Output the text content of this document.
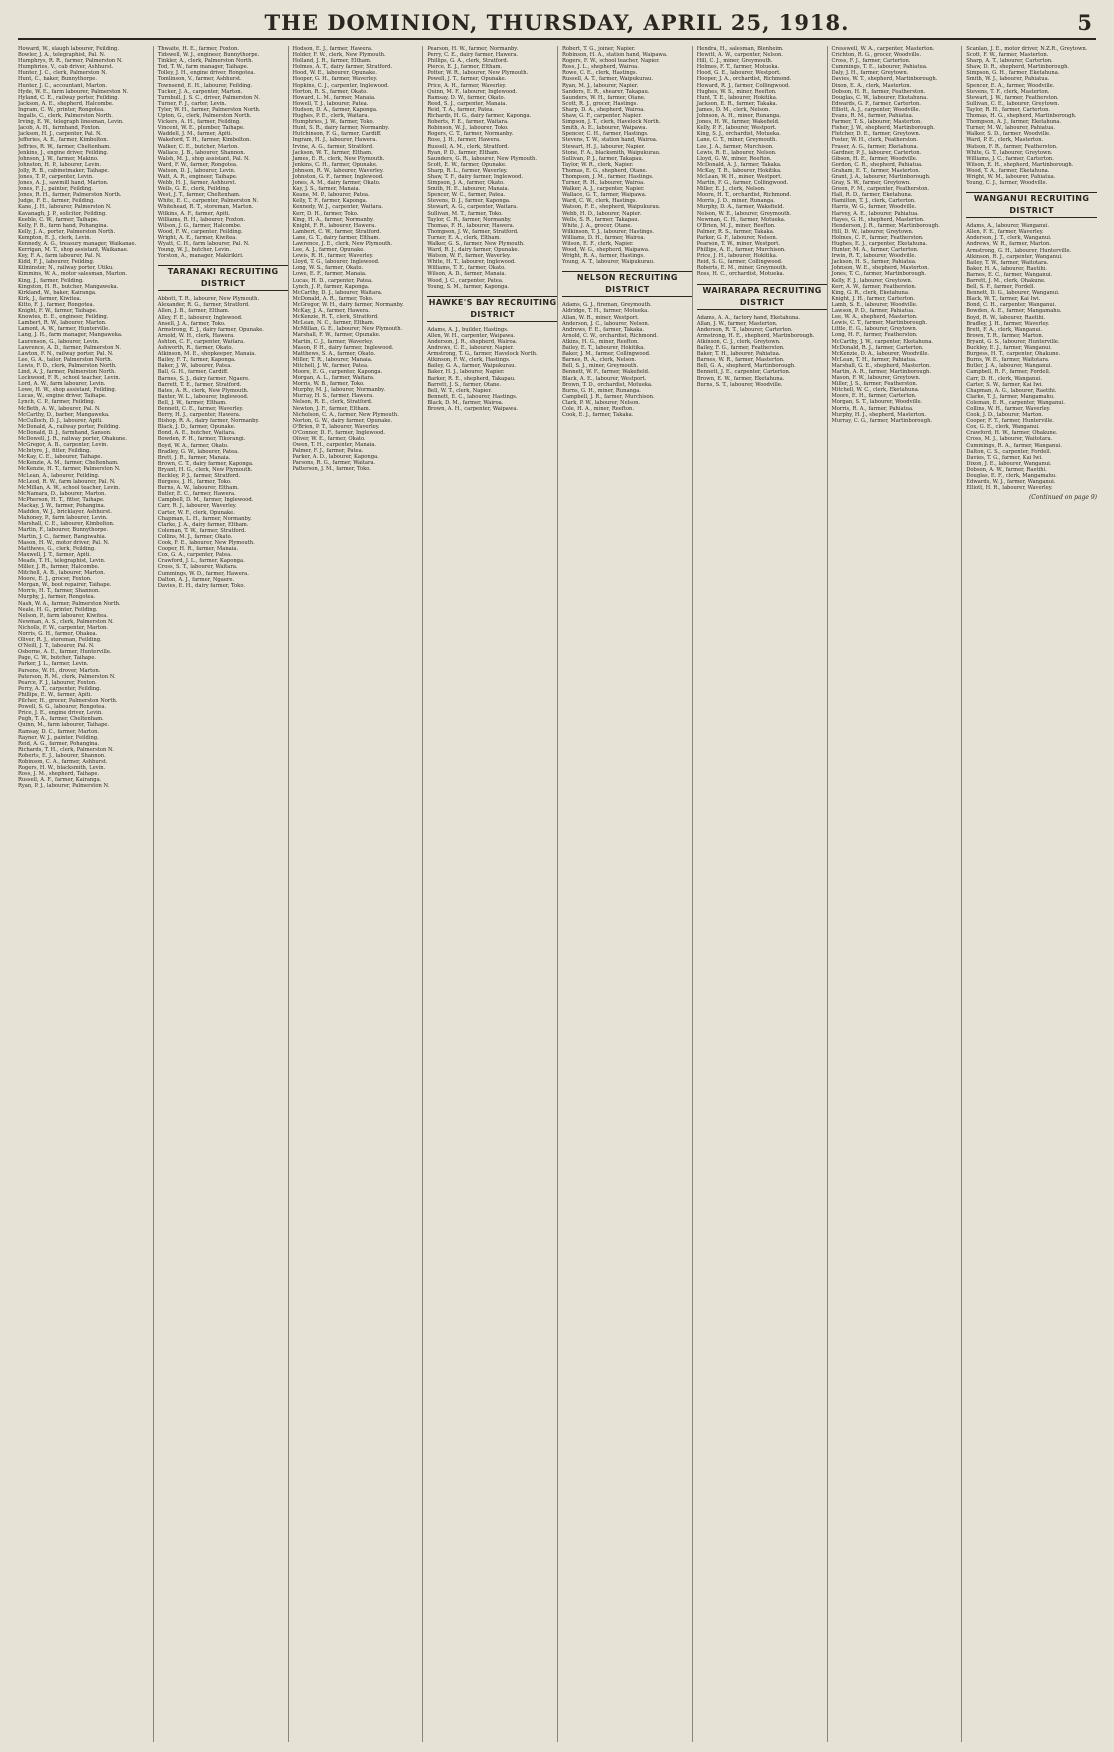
THE DOMINION, THURSDAY, APRIL 25, 1918.	5
Howard, W., slaugh labourer, Feilding.
Bowler, J. A., telegraphist, Pal. N.
Humphrys, R. R., farmer, Palmerston N.
Humphries, V., cab driver, Ashhurst.
Hunter, J. C., clerk, Palmerston N.
Hunt, C., baker, Bunnythorpe.
Hunter, J. C., accountant, Marton.
Hyde, W. E., farm labourer, Palmerston N.
Hyland, C. E., railway porter, Feilding.
Jackson, A. E., shepherd, Halcombe.
Ingram, C. W., printer, Rongotea.
Ingalls, C., clerk, Palmerston North.
Irving, E. W., telegraph linesman, Levin.
Jacob, A. H., farmhand, Foxton.
Jackson, H. J., carpenter, Pal. N.
Jefferies, A. E., farmer, Kimbolton.
Jeffries, R. W., farmer, Cheltenham.
Jenkins, J., engine driver, Feilding.
Johnson, J. W., farmer, Makino.
Johnston, H. P., labourer, Levin.
Jolly, R. B., cabinetmaker, Taihape.
Jones, T. P., carpenter, Levin.
Jones, A. J., sawmill hand, Marton.
Jones, F. J., painter, Feilding.
Jones, R. H., farmer, Palmerston North.
Judge, F. E., farmer, Feilding.
Kane, J. H., labourer, Palmerston N.
Kavanagh, J. P., solicitor, Feilding.
Keeble, C. W., farmer, Taihape.
Kelly, F. B., farm hand, Pohangina.
Kelly, J. A., porter, Palmerston North.
Kempton, E. J., clerk, Levin.
Kennedy, A. G., treasury manager, Waikanae.
Kerrigan, M. T., shop assistant, Waikanae.
Key, F. A., farm labourer, Pal. N.
Kidd, F. J., labourer, Feilding.
Kilminster, N., railway porter, Utiku.
Kimmins, W. A., motor salesman, Marton.
King, J., farmer, Feilding.
Kingston, H. R., butcher, Mangaweka.
Kirkland, W., baker, Kairanga.
Kirk, J., farmer, Kiwitea.
Kitto, F. J., farmer, Rongotea.
Knight, F. W., farmer, Taihape.
Knowles, E. E., engineer, Feilding.
Lambert, R. W., labourer, Marton.
Lamont, A. W., farmer, Hunterville.
Lang, J. H., farm manager, Mangaweka.
Laurenson, G., labourer, Levin.
Lawrence, A. D., farmer, Palmerston N.
Lawton, F. N., railway porter, Pal. N.
Lee, G. A., tailor, Palmerston North.
Lewis, F. D., clerk, Palmerston North.
Lind, A. J., farmer, Palmerston North.
Lockwood, F. R., school teacher, Levin.
Lord, A. W., farm labourer, Levin.
Lowe, H. W., shop assistant, Feilding.
Lucas, W., engine driver, Taihape.
Lynch, C. P., farmer, Feilding.
McBeth, A. W., labourer, Pal. N.
McCarthy, D., barber, Mangaweka.
McCulloch, D. J., labourer, Apiti.
McDonald, A., railway porter, Feilding.
McDonald, D. J., farmhand, Sanson.
McDowell, J. R., railway porter, Ohakune.
McGregor, A. B., carpenter, Levin.
McIntyre, J., fitter, Feilding.
McKay, C. E., labourer, Taihape.
McKenzie, A. M., farmer, Cheltenham.
McKenzie, H. T., farmer, Palmerston N.
McLean, A., labourer, Feilding.
McLeod, R. W., farm labourer, Pal. N.
McMillan, A. W., school teacher, Levin.
McNamara, D., labourer, Marton.
McPherson, H. T., fitter, Taihape.
Mackay, J. W., farmer, Pohangina.
Madden, W. J., bricklayer, Ashhurst.
Mahoney, P., farm labourer, Levin.
Marshall, C. E., labourer, Kimbolton.
Martin, F., labourer, Bunnythorpe.
Martin, J. C., farmer, Rangiwahia.
Mason, H. W., motor driver, Pal. N.
Matthews, G., clerk, Feilding.
Maxwell, J. T., farmer, Apiti.
Meads, T. H., telegraphist, Levin.
Miller, J. R., farmer, Halcombe.
Mitchell, A. B., labourer, Marton.
Moore, E. J., grocer, Foxton.
Morgan, W., boot repairer, Taihape.
Morris, H. T., farmer, Shannon.
Murphy, J., farmer, Rongotea.
Nash, W. A., farmer, Palmerston North.
Neale, H. G., printer, Feilding.
Nelson, P., farm labourer, Kiwitea.
Newman, A. S., clerk, Palmerston N.
Nicholls, F. W., carpenter, Marton.
Norris, G. H., farmer, Ohakea.
Oliver, R. J., storeman, Feilding.
O'Neill, J. T., labourer, Pal. N.
Osborne, A. E., farmer, Hunterville.
Page, C. W., butcher, Taihape.
Parker, J. L., farmer, Levin.
Parsons, W. H., drover, Marton.
Paterson, R. M., clerk, Palmerston N.
Pearce, F. J., labourer, Foxton.
Perry, A. T., carpenter, Feilding.
Phillips, E. W., farmer, Apiti.
Pilcher, H., grocer, Palmerston North.
Powell, S. G., labourer, Rongotea.
Price, J. E., engine driver, Levin.
Pugh, T. A., farmer, Cheltenham.
Quinn, M., farm labourer, Taihape.
Ramsay, D. C., farmer, Marton.
Rayner, W. J., painter, Feilding.
Reid, A. G., farmer, Pohangina.
Richards, T. H., clerk, Palmerston N.
Roberts, E. J., labourer, Shannon.
Robinson, C. A., farmer, Ashhurst.
Rogers, H. W., blacksmith, Levin.
Ross, J. M., shepherd, Taihape.
Russell, A. F., farmer, Kairanga.
Ryan, P. J., labourer, Palmerston N.
Thwaite, H. E., farmer, Foxton.
Tidswell, W. J., engineer, Bunnythorpe.
Tinkler, A., clerk, Palmerston North.
Tod, T. W., farm manager, Taihape.
Tolley, J. H., engine driver, Rongotea.
Tomlinson, V., farmer, Ashhurst.
Townsend, E. H., labourer, Feilding.
Tucker, J. A., carpenter, Marton.
Turnbull, J. S. C., driver, Palmerston N.
Turner, F. J., carter, Levin.
Tyler, W. H., farmer, Palmerston North.
Upton, G., clerk, Palmerston North.
Vickers, A. H., farmer, Feilding.
Vincent, W. E., plumber, Taihape.
Waddell, J. M., farmer, Apiti.
Wakeford, T. H., farmer, Kimbolton.
Walker, C. E., butcher, Marton.
Wallace, J. B., labourer, Shannon.
Walsh, M. J., shop assistant, Pal. N.
Ward, F. W., farmer, Rongotea.
Watson, D. J., labourer, Levin.
Watt, A. R., engineer, Taihape.
Webb, H. J., farmer, Ashhurst.
Wells, G. E., clerk, Feilding.
West, J. T., farmer, Cheltenham.
White, E. C., carpenter, Palmerston N.
Whitehead, R. T., storeman, Marton.
Wilkins, A. F., farmer, Apiti.
Williams, R. H., labourer, Foxton.
Wilson, J. G., farmer, Halcombe.
Wood, F. W., carpenter, Feilding.
Wright, A. E., farmer, Kiwitea.
Wyatt, C. H., farm labourer, Pal. N.
Young, W. J., butcher, Levin.
Yorston, A., manager, Makirikiri.
TARANAKI RECRUITING DISTRICT
Abbott, T. R., labourer, New Plymouth.
Alexander, R. G., farmer, Stratford.
Allen, J. B., farmer, Eltham.
Alley, F. E., labourer, Inglewood.
Ansell, J. A., farmer, Toko.
Armstrong, E. J., dairy farmer, Opunake.
Arnold, W. H., clerk, Hawera.
Ashton, C. F., carpenter, Waitara.
Ashworth, R., farmer, Okato.
Atkinson, M. E., shopkeeper, Manaia.
Bailey, F. T., farmer, Kaponga.
Baker, J. W., labourer, Patea.
Ball, G. H., farmer, Cardiff.
Barnes, S. J., dairy farmer, Ngaere.
Barrett, T. E., farmer, Stratford.
Bates, A. R., clerk, New Plymouth.
Baxter, W. L., labourer, Inglewood.
Bell, J. W., farmer, Eltham.
Bennett, C. E., farmer, Waverley.
Berry, H. J., carpenter, Hawera.
Bishop, R. A., dairy farmer, Normanby.
Black, J. D., farmer, Opunake.
Bond, A. E., butcher, Waitara.
Bowden, F. H., farmer, Tikorangi.
Boyd, W. A., farmer, Okato.
Bradley, G. W., labourer, Patea.
Brett, J. R., farmer, Manaia.
Brown, C. T., dairy farmer, Kaponga.
Bryant, H. G., clerk, New Plymouth.
Buckley, P. J., farmer, Stratford.
Burgess, J. H., farmer, Toko.
Burns, A. W., labourer, Eltham.
Butler, E. C., farmer, Hawera.
Campbell, D. M., farmer, Inglewood.
Carr, R. J., labourer, Waverley.
Carter, W. F., clerk, Opunake.
Chapman, L. H., farmer, Normanby.
Clarke, J. A., dairy farmer, Eltham.
Coleman, T. W., farmer, Stratford.
Collins, M. J., farmer, Okato.
Cook, F. E., labourer, New Plymouth.
Cooper, H. R., farmer, Manaia.
Cox, G. A., carpenter, Patea.
Crawford, J. L., farmer, Kaponga.
Cross, S. T., labourer, Waitara.
Cummings, W. D., farmer, Hawera.
Dalton, A. J., farmer, Ngaere.
Davies, E. H., dairy farmer, Toko.
Hodson, E. J., farmer, Hawera.
Holder, F. W., clerk, New Plymouth.
Holland, J. R., farmer, Eltham.
Holmes, A. T., dairy farmer, Stratford.
Hood, W. E., labourer, Opunake.
Hooper, G. H., farmer, Waverley.
Hopkins, C. J., carpenter, Inglewood.
Horton, R. S., farmer, Okato.
Howard, L. M., farmer, Manaia.
Howell, T. J., labourer, Patea.
Hudson, D. A., farmer, Kaponga.
Hughes, P. E., clerk, Waitara.
Humphries, J. W., farmer, Toko.
Hunt, S. R., dairy farmer, Normanby.
Hutchinson, F. G., farmer, Cardiff.
Ingram, H. J., labourer, Hawera.
Irvine, A. G., farmer, Stratford.
Jackson, W. T., farmer, Eltham.
James, E. R., clerk, New Plymouth.
Jenkins, C. H., farmer, Opunake.
Johnson, R. W., labourer, Waverley.
Johnston, G. F., farmer, Inglewood.
Jones, A. M., dairy farmer, Okato.
Kay, J. S., farmer, Manaia.
Keane, M. P., labourer, Patea.
Kelly, T. F., farmer, Kaponga.
Kennedy, W. J., carpenter, Waitara.
Kerr, D. H., farmer, Toko.
King, H. A., farmer, Normanby.
Knight, F. R., labourer, Hawera.
Lambert, C. W., farmer, Stratford.
Lane, G. T., dairy farmer, Eltham.
Lawrence, J. E., clerk, New Plymouth.
Lee, A. J., farmer, Opunake.
Lewis, R. H., farmer, Waverley.
Lloyd, T. G., labourer, Inglewood.
Long, W. S., farmer, Okato.
Lowe, E. F., farmer, Manaia.
Lucas, H. D., carpenter, Patea.
Lynch, J. P., farmer, Kaponga.
McCarthy, D. J., labourer, Waitara.
McDonald, A. R., farmer, Toko.
McGregor, W. H., dairy farmer, Normanby.
McKay, J. A., farmer, Hawera.
McKenzie, R. T., clerk, Stratford.
McLean, N. C., farmer, Eltham.
McMillan, G. E., labourer, New Plymouth.
Marshall, F. W., farmer, Opunake.
Martin, C. J., farmer, Waverley.
Mason, P. H., dairy farmer, Inglewood.
Matthews, S. A., farmer, Okato.
Miller, T. R., labourer, Manaia.
Mitchell, J. W., farmer, Patea.
Moore, E. G., carpenter, Kaponga.
Morgan, A. L., farmer, Waitara.
Morris, W. B., farmer, Toko.
Murphy, M. J., labourer, Normanby.
Murray, H. S., farmer, Hawera.
Nelson, R. E., clerk, Stratford.
Newton, J. F., farmer, Eltham.
Nicholson, C. A., farmer, New Plymouth.
Norton, G. W., dairy farmer, Opunake.
O'Brien, P. T., labourer, Waverley.
O'Connor, D. F., farmer, Inglewood.
Oliver, W. E., farmer, Okato.
Owen, T. H., carpenter, Manaia.
Palmer, F. J., farmer, Patea.
Parker, A. D., labourer, Kaponga.
Parsons, R. G., farmer, Waitara.
Patterson, J. M., farmer, Toko.
Pearson, H. W., farmer, Normanby.
Perry, C. E., dairy farmer, Hawera.
Phillips, G. A., clerk, Stratford.
Pierce, E. J., farmer, Eltham.
Potter, W. R., labourer, New Plymouth.
Powell, J. T., farmer, Opunake.
Price, A. H., farmer, Waverley.
Quinn, M. F., labourer, Inglewood.
Ramsay, D. W., farmer, Okato.
Reed, S. J., carpenter, Manaia.
Reid, T. A., farmer, Patea.
Richards, H. G., dairy farmer, Kaponga.
Roberts, F. E., farmer, Waitara.
Robinson, W. J., labourer, Toko.
Rogers, C. T., farmer, Normanby.
Rose, J. H., farmer, Hawera.
Russell, A. M., clerk, Stratford.
Ryan, P. D., farmer, Eltham.
Saunders, G. R., labourer, New Plymouth.
Scott, E. W., farmer, Opunake.
Sharp, R. L., farmer, Waverley.
Shaw, T. F., dairy farmer, Inglewood.
Simpson, J. A., farmer, Okato.
Smith, H. E., labourer, Manaia.
Spencer, W. C., farmer, Patea.
Stevens, D. J., farmer, Kaponga.
Stewart, A. G., carpenter, Waitara.
Sullivan, M. T., farmer, Toko.
Taylor, C. R., farmer, Normanby.
Thomas, F. H., labourer, Hawera.
Thompson, J. W., farmer, Stratford.
Turner, E. A., clerk, Eltham.
Walker, G. S., farmer, New Plymouth.
Ward, R. J., dairy farmer, Opunake.
Watson, W. F., farmer, Waverley.
White, H. T., labourer, Inglewood.
Williams, T. E., farmer, Okato.
Wilson, A. D., farmer, Manaia.
Wood, J. C., carpenter, Patea.
Young, S. M., farmer, Kaponga.
HAWKE'S BAY RECRUITING DISTRICT
Adams, A. J., builder, Hastings.
Allen, W. H., carpenter, Waipawa.
Anderson, J. R., shepherd, Wairoa.
Andrews, C. E., labourer, Napier.
Armstrong, T. G., farmer, Havelock North.
Atkinson, F. W., clerk, Hastings.
Bailey, G. A., farmer, Waipukurau.
Baker, H. J., labourer, Napier.
Barker, R. E., shepherd, Takapau.
Barrett, J. S., farmer, Otane.
Bell, W. T., clerk, Napier.
Bennett, E. C., labourer, Hastings.
Black, D. M., farmer, Wairoa.
Brown, A. H., carpenter, Waipawa.
Robert, T. G., joiner, Napier.
Robinson, H. A., station hand, Waipawa.
Rogers, F. W., school teacher, Napier.
Ross, J. L., shepherd, Wairoa.
Rowe, C. E., clerk, Hastings.
Russell, A. T., farmer, Waipukurau.
Ryan, M. J., labourer, Napier.
Sanders, E. R., shearer, Takapau.
Saunders, W. H., farmer, Otane.
Scott, R. J., grocer, Hastings.
Sharp, D. A., shepherd, Wairoa.
Shaw, G. F., carpenter, Napier.
Simpson, J. T., clerk, Havelock North.
Smith, A. E., labourer, Waipawa.
Spencer, C. H., farmer, Hastings.
Stevens, T. W., station hand, Wairoa.
Stewart, H. J., labourer, Napier.
Stone, F. A., blacksmith, Waipukurau.
Sullivan, P. J., farmer, Takapau.
Taylor, W. R., clerk, Napier.
Thomas, E. G., shepherd, Otane.
Thompson, J. M., farmer, Hastings.
Turner, R. H., labourer, Wairoa.
Walker, A. J., carpenter, Napier.
Wallace, G. T., farmer, Waipawa.
Ward, C. W., clerk, Hastings.
Watson, F. E., shepherd, Waipukurau.
Webb, H. D., labourer, Napier.
Wells, S. R., farmer, Takapau.
White, J. A., grocer, Otane.
Wilkinson, T. J., labourer, Hastings.
Williams, D. H., farmer, Wairoa.
Wilson, E. F., clerk, Napier.
Wood, W. G., shepherd, Waipawa.
Wright, R. A., farmer, Hastings.
Young, A. T., labourer, Waipukurau.
NELSON RECRUITING DISTRICT
Adams, G. J., fireman, Greymouth.
Aldridge, T. H., farmer, Motueka.
Allan, W. R., miner, Westport.
Anderson, J. C., labourer, Nelson.
Andrews, F. E., farmer, Takaka.
Arnold, C. W., orchardist, Richmond.
Atkins, H. G., miner, Reefton.
Bailey, E. T., labourer, Hokitika.
Baker, J. M., farmer, Collingwood.
Barnes, R. A., clerk, Nelson.
Bell, S. J., miner, Greymouth.
Bennett, W. F., farmer, Wakefield.
Black, A. E., labourer, Westport.
Brown, T. D., orchardist, Motueka.
Burns, G. H., miner, Runanga.
Campbell, J. R., farmer, Murchison.
Clark, P. W., labourer, Nelson.
Cole, H. A., miner, Reefton.
Cook, E. J., farmer, Takaka.
Hendra, H., salesman, Blenheim.
Hewitt, A. W., carpenter, Nelson.
Hill, C. J., miner, Greymouth.
Holmes, F. T., farmer, Motueka.
Hood, G. E., labourer, Westport.
Hooper, J. A., orchardist, Richmond.
Howard, R. J., farmer, Collingwood.
Hughes, W. S., miner, Reefton.
Hunt, T. E., labourer, Hokitika.
Jackson, E. R., farmer, Takaka.
James, D. M., clerk, Nelson.
Johnson, A. H., miner, Runanga.
Jones, H. W., farmer, Wakefield.
Kelly, P. F., labourer, Westport.
King, S. J., orchardist, Motueka.
Lane, C. T., miner, Greymouth.
Lee, J. A., farmer, Murchison.
Lewis, R. E., labourer, Nelson.
Lloyd, G. W., miner, Reefton.
McDonald, A. J., farmer, Takaka.
McKay, T. R., labourer, Hokitika.
McLean, W. H., miner, Westport.
Martin, F. G., farmer, Collingwood.
Miller, E. J., clerk, Nelson.
Moore, H. T., orchardist, Richmond.
Morris, J. D., miner, Runanga.
Murphy, D. A., farmer, Wakefield.
Nelson, W. E., labourer, Greymouth.
Newman, C. H., farmer, Motueka.
O'Brien, M. J., miner, Reefton.
Palmer, R. S., farmer, Takaka.
Parker, G. F., labourer, Nelson.
Pearson, T. W., miner, Westport.
Phillips, A. E., farmer, Murchison.
Price, J. H., labourer, Hokitika.
Reid, S. G., farmer, Collingwood.
Roberts, E. M., miner, Greymouth.
Ross, H. C., orchardist, Motueka.
WAIRARAPA RECRUITING DISTRICT
Adams, A. A., factory hand, Eketahuna.
Allan, J. W., farmer, Masterton.
Anderson, R. T., labourer, Carterton.
Armstrong, H. E., shepherd, Martinborough.
Atkinson, C. J., clerk, Greytown.
Bailey, F. G., farmer, Featherston.
Baker, T. H., labourer, Pahiatua.
Barnes, W. R., farmer, Masterton.
Bell, G. A., shepherd, Martinborough.
Bennett, J. E., carpenter, Carterton.
Brown, E. W., farmer, Eketahuna.
Burns, S. T., labourer, Woodville.
Cresswell, W. A., carpenter, Masterton.
Crichton, R. G., grocer, Woodville.
Cross, F. J., farmer, Carterton.
Cummings, T. E., labourer, Pahiatua.
Daly, J. H., farmer, Greytown.
Davies, W. T., shepherd, Martinborough.
Dixon, E. A., clerk, Masterton.
Dobson, H. R., farmer, Featherston.
Douglas, C. W., labourer, Eketahuna.
Edwards, G. F., farmer, Carterton.
Elliott, A. J., carpenter, Woodville.
Evans, R. M., farmer, Pahiatua.
Farmer, T. S., labourer, Masterton.
Fisher, J. W., shepherd, Martinborough.
Fletcher, D. E., farmer, Greytown.
Foster, W. H., clerk, Featherston.
Fraser, A. G., farmer, Eketahuna.
Gardner, P. J., labourer, Carterton.
Gibson, H. E., farmer, Woodville.
Gordon, C. R., shepherd, Pahiatua.
Graham, E. T., farmer, Masterton.
Grant, J. A., labourer, Martinborough.
Gray, S. W., farmer, Greytown.
Green, F. M., carpenter, Featherston.
Hall, R. D., farmer, Eketahuna.
Hamilton, T. J., clerk, Carterton.
Harris, W. G., farmer, Woodville.
Harvey, A. E., labourer, Pahiatua.
Hayes, G. H., shepherd, Masterton.
Henderson, J. R., farmer, Martinborough.
Hill, D. W., labourer, Greytown.
Holmes, C. F., farmer, Featherston.
Hughes, E. J., carpenter, Eketahuna.
Hunter, M. A., farmer, Carterton.
Irwin, R. T., labourer, Woodville.
Jackson, H. S., farmer, Pahiatua.
Johnson, W. E., shepherd, Masterton.
Jones, T. C., farmer, Martinborough.
Kelly, F. J., labourer, Greytown.
Kerr, A. W., farmer, Featherston.
King, G. R., clerk, Eketahuna.
Knight, J. H., farmer, Carterton.
Lamb, S. E., labourer, Woodville.
Lawson, P. D., farmer, Pahiatua.
Lee, W. A., shepherd, Masterton.
Lewis, C. T., farmer, Martinborough.
Little, E. G., labourer, Greytown.
Long, H. F., farmer, Featherston.
McCarthy, J. W., carpenter, Eketahuna.
McDonald, R. J., farmer, Carterton.
McKenzie, D. A., labourer, Woodville.
McLean, T. H., farmer, Pahiatua.
Marshall, G. E., shepherd, Masterton.
Martin, A. R., farmer, Martinborough.
Mason, F. W., labourer, Greytown.
Miller, J. S., farmer, Featherston.
Mitchell, W. C., clerk, Eketahuna.
Moore, E. H., farmer, Carterton.
Morgan, S. T., labourer, Woodville.
Morris, R. A., farmer, Pahiatua.
Murphy, H. J., shepherd, Masterton.
Murray, C. G., farmer, Martinborough.
Scanlan, J. E., motor driver, N.Z.R., Greytown.
Scott, F. W., farmer, Masterton.
Sharp, A. T., labourer, Carterton.
Shaw, D. R., shepherd, Martinborough.
Simpson, G. H., farmer, Eketahuna.
Smith, W. J., labourer, Pahiatua.
Spencer, E. A., farmer, Woodville.
Stevens, T. F., clerk, Masterton.
Stewart, J. W., farmer, Featherston.
Sullivan, C. E., labourer, Greytown.
Taylor, R. H., farmer, Carterton.
Thomas, H. G., shepherd, Martinborough.
Thompson, A. J., farmer, Eketahuna.
Turner, M. W., labourer, Pahiatua.
Walker, S. D., farmer, Woodville.
Ward, P. E., clerk, Masterton.
Watson, F. R., farmer, Featherston.
White, G. T., labourer, Greytown.
Williams, J. C., farmer, Carterton.
Wilson, E. H., shepherd, Martinborough.
Wood, T. A., farmer, Eketahuna.
Wright, W. M., labourer, Pahiatua.
Young, C. J., farmer, Woodville.
WANGANUI RECRUITING DISTRICT
Adams, A., labourer, Wanganui.
Allen, F. E., farmer, Waverley.
Anderson, J. T., clerk, Wanganui.
Andrews, W. R., farmer, Marton.
Armstrong, G. H., labourer, Hunterville.
Atkinson, R. J., carpenter, Wanganui.
Bailey, T. W., farmer, Waitotara.
Baker, H. A., labourer, Raetihi.
Barnes, E. C., farmer, Wanganui.
Barrett, J. M., clerk, Ohakune.
Bell, S. F., farmer, Fordell.
Bennett, D. G., labourer, Wanganui.
Black, W. T., farmer, Kai Iwi.
Bond, C. H., carpenter, Wanganui.
Bowden, A. E., farmer, Mangamahu.
Boyd, R. W., labourer, Raetihi.
Bradley, J. H., farmer, Waverley.
Brett, F. A., clerk, Wanganui.
Brown, T. R., farmer, Marton.
Bryant, G. S., labourer, Hunterville.
Buckley, E. J., farmer, Wanganui.
Burgess, H. T., carpenter, Ohakune.
Burns, W. E., farmer, Waitotara.
Butler, J. A., labourer, Wanganui.
Campbell, R. F., farmer, Fordell.
Carr, D. H., clerk, Wanganui.
Carter, S. W., farmer, Kai Iwi.
Chapman, A. G., labourer, Raetihi.
Clarke, T. J., farmer, Mangamahu.
Coleman, E. R., carpenter, Wanganui.
Collins, W. H., farmer, Waverley.
Cook, J. D., labourer, Marton.
Cooper, F. T., farmer, Hunterville.
Cox, G. E., clerk, Wanganui.
Crawford, H. W., farmer, Ohakune.
Cross, M. J., labourer, Waitotara.
Cummings, R. A., farmer, Wanganui.
Dalton, C. S., carpenter, Fordell.
Davies, T. G., farmer, Kai Iwi.
Dixon, J. E., labourer, Wanganui.
Dobson, A. W., farmer, Raetihi.
Douglas, E. F., clerk, Mangamahu.
Edwards, W. J., farmer, Wanganui.
Elliott, H. R., labourer, Waverley.
(Continued on page 9)
